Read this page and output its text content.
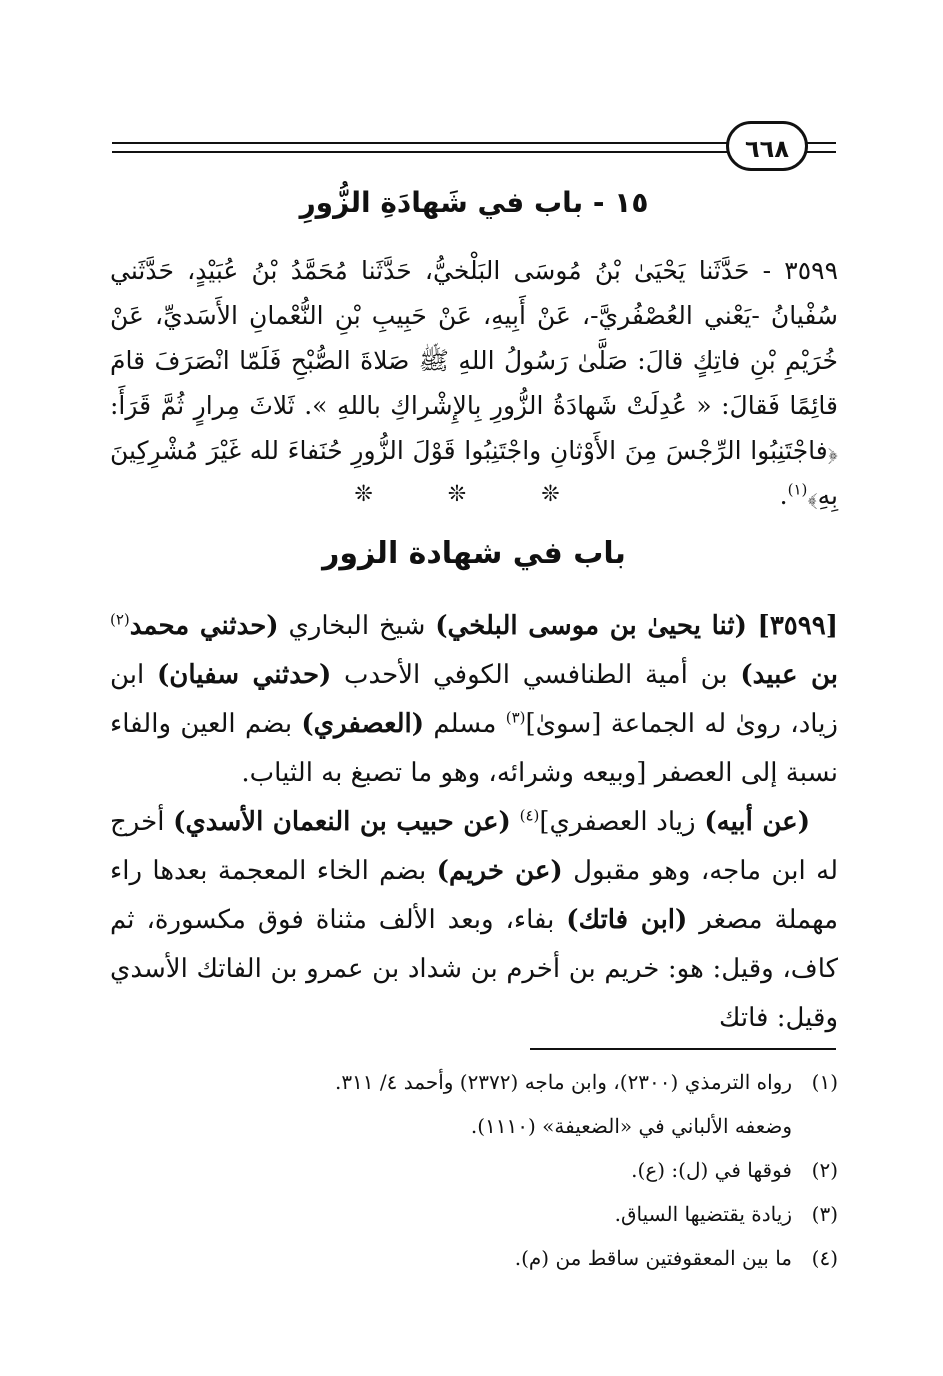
٦٦٨
١٥ - باب في شَهادَةِ الزُّورِ

٣٥٩٩ - حَدَّثَنا يَحْيَىٰ بْنُ مُوسَى البَلْخيُّ، حَدَّثَنا مُحَمَّدُ بْنُ عُبَيْدٍ، حَدَّثَني سُفْيانُ -يَعْني العُصْفُريَّ-، عَنْ أَبِيهِ، عَنْ حَبِيبِ بْنِ النُّعْمانِ الأَسَديِّ، عَنْ خُرَيْمِ بْنِ فاتِكٍ قالَ: صَلَّىٰ رَسُولُ اللهِ ﷺ صَلاةَ الصُّبْحِ فَلَمّا انْصَرَفَ قامَ قائِمًا فَقالَ: « عُدِلَتْ شَهادَةُ الزُّورِ بِالإِشْراكِ باللهِ ». ثَلاثَ مِرارٍ ثُمَّ قَرَأَ: ﴿فاجْتَنِبُوا الرِّجْسَ مِنَ الأَوْثانِ واجْتَنِبُوا قَوْلَ الزُّورِ حُنَفاءَ لله غَيْرَ مُشْرِكِينَ بِهِ﴾$^{(١)}$.

❊ ❊ ❊
باب في شهادة الزور

[٣٥٩٩] (ثنا يحيىٰ بن موسى البلخي) شيخ البخاري (حدثني محمد$^{(٢)}$ بن عبيد) بن أمية الطنافسي الكوفي الأحدب (حدثني سفيان) ابن زياد، روىٰ له الجماعة [سوىٰ]$^{(٣)}$ مسلم (العصفري) بضم العين والفاء نسبة إلى العصفر [وبيعه وشرائه، وهو ما تصبغ به الثياب.

(عن أبيه) زياد العصفري]$^{(٤)}$ (عن حبيب بن النعمان الأسدي) أخرج له ابن ماجه، وهو مقبول (عن خريم) بضم الخاء المعجمة بعدها راء مهملة مصغر (ابن فاتك) بفاء، وبعد الألف مثناة فوق مكسورة، ثم كاف، وقيل: هو: خريم بن أخرم بن شداد بن عمرو بن الفاتك الأسدي وقيل: فاتك

(١)رواه الترمذي (٢٣٠٠)، وابن ماجه (٢٣٧٢) وأحمد ٤/ ٣١١.
وضعفه الألباني في «الضعيفة» (١١١٠).
(٢)فوقها في (ل): (ع).
(٣)زيادة يقتضيها السياق.
(٤)ما بين المعقوفتين ساقط من (م).
